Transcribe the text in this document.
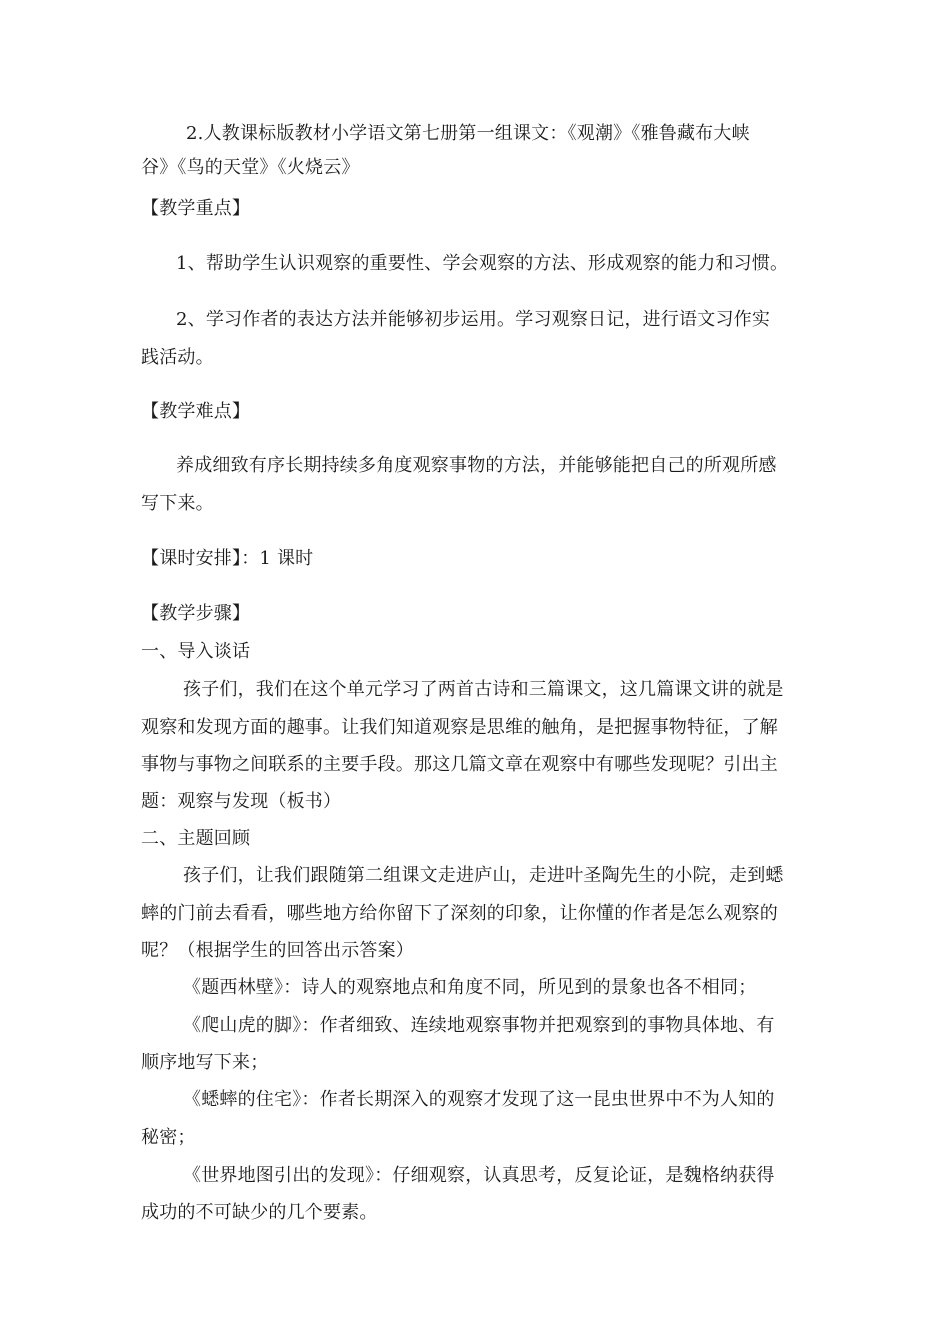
2.人教课标版教材小学语文第七册第一组课文：《观潮》《雅鲁藏布大峡
谷》《鸟的天堂》《火烧云》
【教学重点】
1、帮助学生认识观察的重要性、学会观察的方法、形成观察的能力和习惯。
2、学习作者的表达方法并能够初步运用。学习观察日记，进行语文习作实
践活动。
【教学难点】
养成细致有序长期持续多角度观察事物的方法，并能够能把自己的所观所感
写下来。
【课时安排】：1 课时
【教学步骤】
一、导入谈话
孩子们，我们在这个单元学习了两首古诗和三篇课文，这几篇课文讲的就是
观察和发现方面的趣事。让我们知道观察是思维的触角，是把握事物特征，了解
事物与事物之间联系的主要手段。那这几篇文章在观察中有哪些发现呢？引出主
题：观察与发现（板书）
二、主题回顾
孩子们，让我们跟随第二组课文走进庐山，走进叶圣陶先生的小院，走到蟋
蟀的门前去看看，哪些地方给你留下了深刻的印象，让你懂的作者是怎么观察的
呢？（根据学生的回答出示答案）
《题西林壁》：诗人的观察地点和角度不同，所见到的景象也各不相同；
《爬山虎的脚》：作者细致、连续地观察事物并把观察到的事物具体地、有
顺序地写下来；
《蟋蟀的住宅》：作者长期深入的观察才发现了这一昆虫世界中不为人知的
秘密；
《世界地图引出的发现》：仔细观察，认真思考，反复论证，是魏格纳获得
成功的不可缺少的几个要素。
